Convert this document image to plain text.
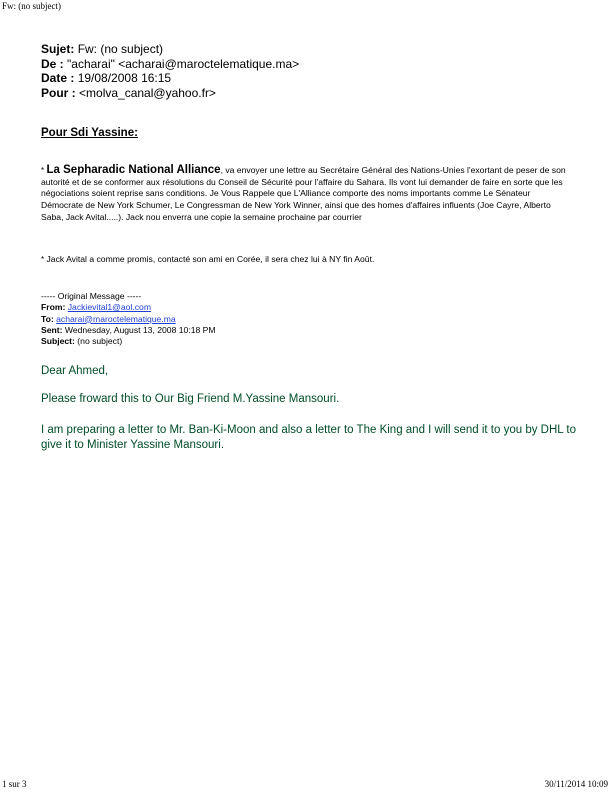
Fw: (no subject)
Sujet: Fw: (no subject)
De : "acharai" <acharai@maroctelematique.ma>
Date : 19/08/2008 16:15
Pour : <molva_canal@yahoo.fr>
Pour Sdi Yassine:
* La Sepharadic National Alliance, va envoyer une lettre au Secrétaire Général des Nations-Unies l'exortant de peser de son autorité et de se conformer aux résolutions du Conseil de Sécurité pour l'affaire du Sahara. Ils vont lui demander de faire en sorte que les négociations soient reprise sans conditions. Je Vous Rappele que L'Alliance comporte des noms importants comme Le Sénateur Démocrate de New York Schumer, Le Congressman de New York Winner, ainsi que des homes d'affaires influents (Joe Cayre, Alberto Saba, Jack Avital.....). Jack nou enverra une copie la semaine prochaine par courrier
* Jack Avital a comme promis, contacté son ami en Corée, il sera chez lui à NY fin Août.
----- Original Message -----
From: Jackievital1@aol.com
To: acharai@maroctelematique.ma
Sent: Wednesday, August 13, 2008 10:18 PM
Subject: (no subject)
Dear Ahmed,
Please froward this to Our Big Friend M.Yassine Mansouri.
I am preparing a letter to Mr. Ban-Ki-Moon and also a letter to The King and I will send it to you by DHL to give it to Minister Yassine Mansouri.
1 sur 3	30/11/2014 10:09
